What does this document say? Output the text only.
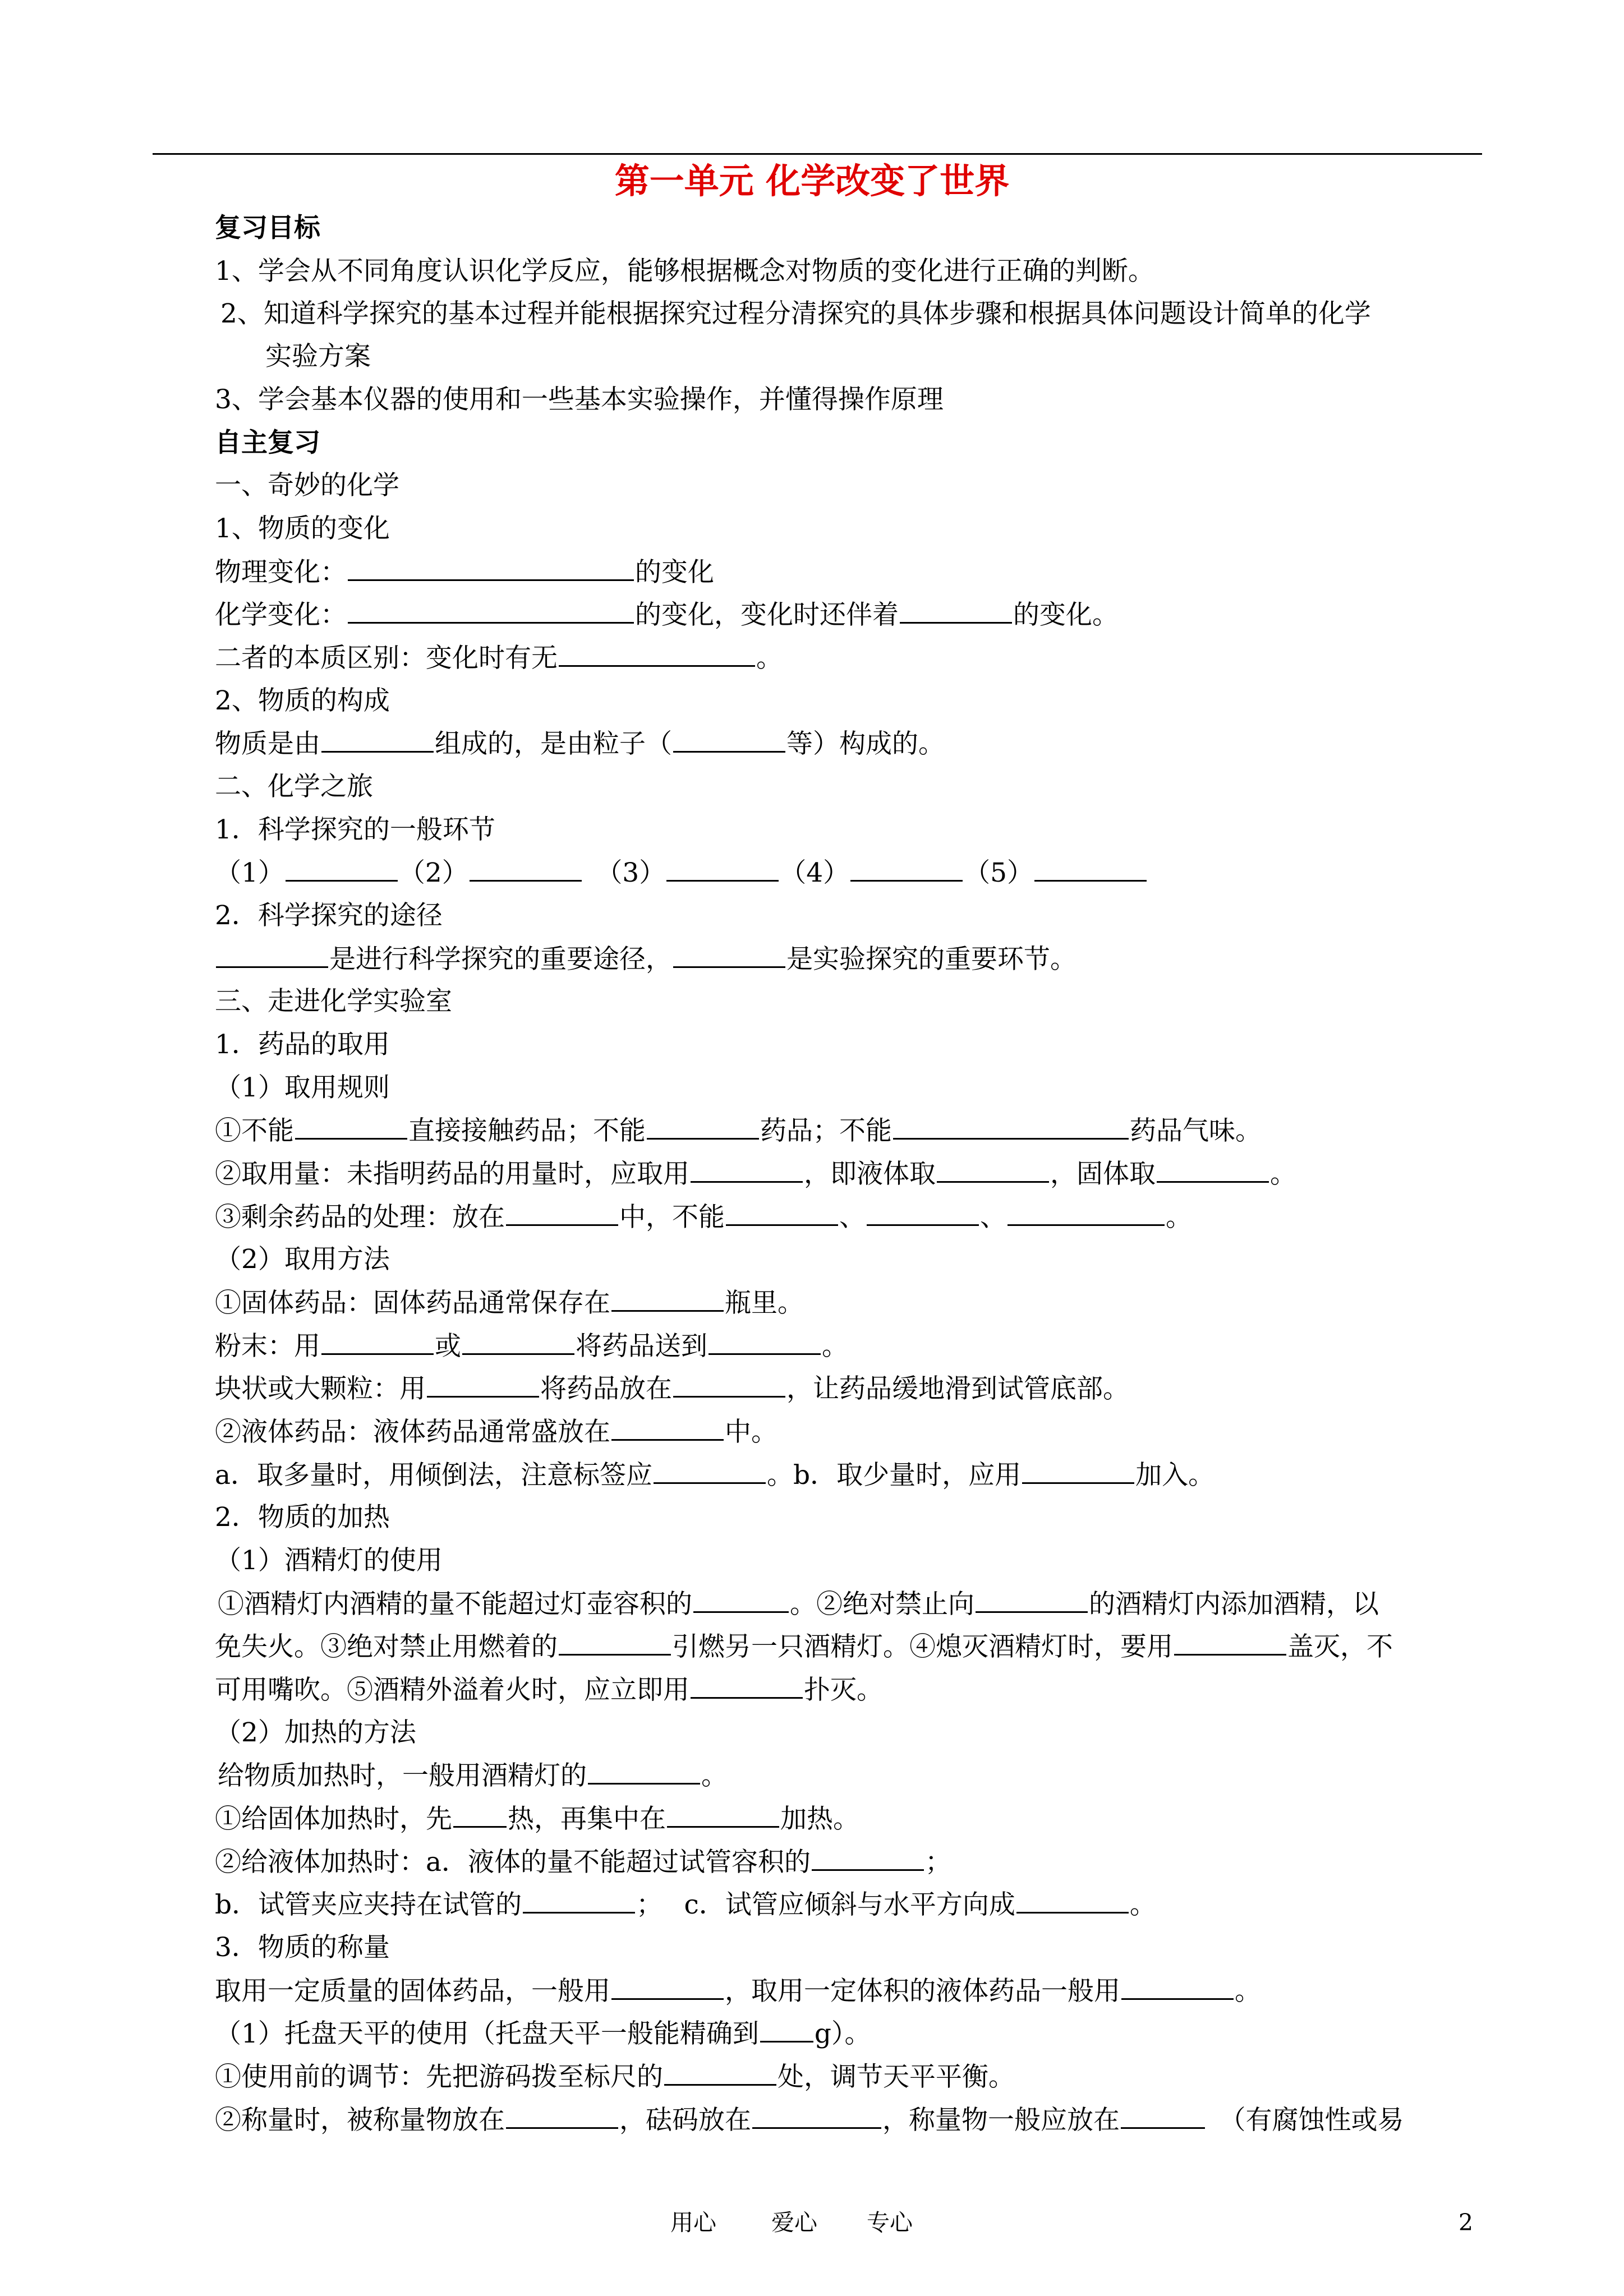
第一单元 化学改变了世界
复习目标
1、学会从不同角度认识化学反应，能够根据概念对物质的变化进行正确的判断。
2、知道科学探究的基本过程并能根据探究过程分清探究的具体步骤和根据具体问题设计简单的化学
实验方案
3、学会基本仪器的使用和一些基本实验操作，并懂得操作原理
自主复习
一、奇妙的化学
1、物质的变化
物理变化：	的变化
化学变化：	的变化，变化时还伴着	的变化。
二者的本质区别：变化时有无	。
2、物质的构成
物质是由	组成的，是由粒子（	等）构成的。
二、化学之旅
1．科学探究的一般环节
（1）	（2）　	（3）	（4）	（5）
2．科学探究的途径
是进行科学探究的重要途径，	是实验探究的重要环节。
三、走进化学实验室
1．药品的取用
（1）取用规则
①不能	直接接触药品；不能	药品；不能	药品气味。
②取用量：未指明药品的用量时，应取用	，即液体取	，固体取	。
③剩余药品的处理：放在	中，不能	、	、	。
（2）取用方法
①固体药品：固体药品通常保存在	瓶里。
粉末：用	或	将药品送到	。
块状或大颗粒：用	将药品放在	，让药品缓地滑到试管底部。
②液体药品：液体药品通常盛放在	中。
a．取多量时，用倾倒法，注意标签应	。b．取少量时，应用	加入。
2．物质的加热
（1）酒精灯的使用
①酒精灯内酒精的量不能超过灯壶容积的	。②绝对禁止向	的酒精灯内添加酒精，以
免失火。③绝对禁止用燃着的	引燃另一只酒精灯。④熄灭酒精灯时，要用	盖灭，不
可用嘴吹。⑤酒精外溢着火时，应立即用	扑灭。
（2）加热的方法
给物质加热时，一般用酒精灯的	。
①给固体加热时，先 热，再集中在	加热。
②给液体加热时：a．液体的量不能超过试管容积的	；
b．试管夹应夹持在试管的	；　 c．试管应倾斜与水平方向成	。
3．物质的称量
取用一定质量的固体药品，一般用	，取用一定体积的液体药品一般用	。
（1）托盘天平的使用（托盘天平一般能精确到 g）。
①使用前的调节：先把游码拨至标尺的	处，调节天平平衡。
②称量时，被称量物放在	，砝码放在	，称量物一般应放在　	（有腐蚀性或易
用心 爱心 专心	2
